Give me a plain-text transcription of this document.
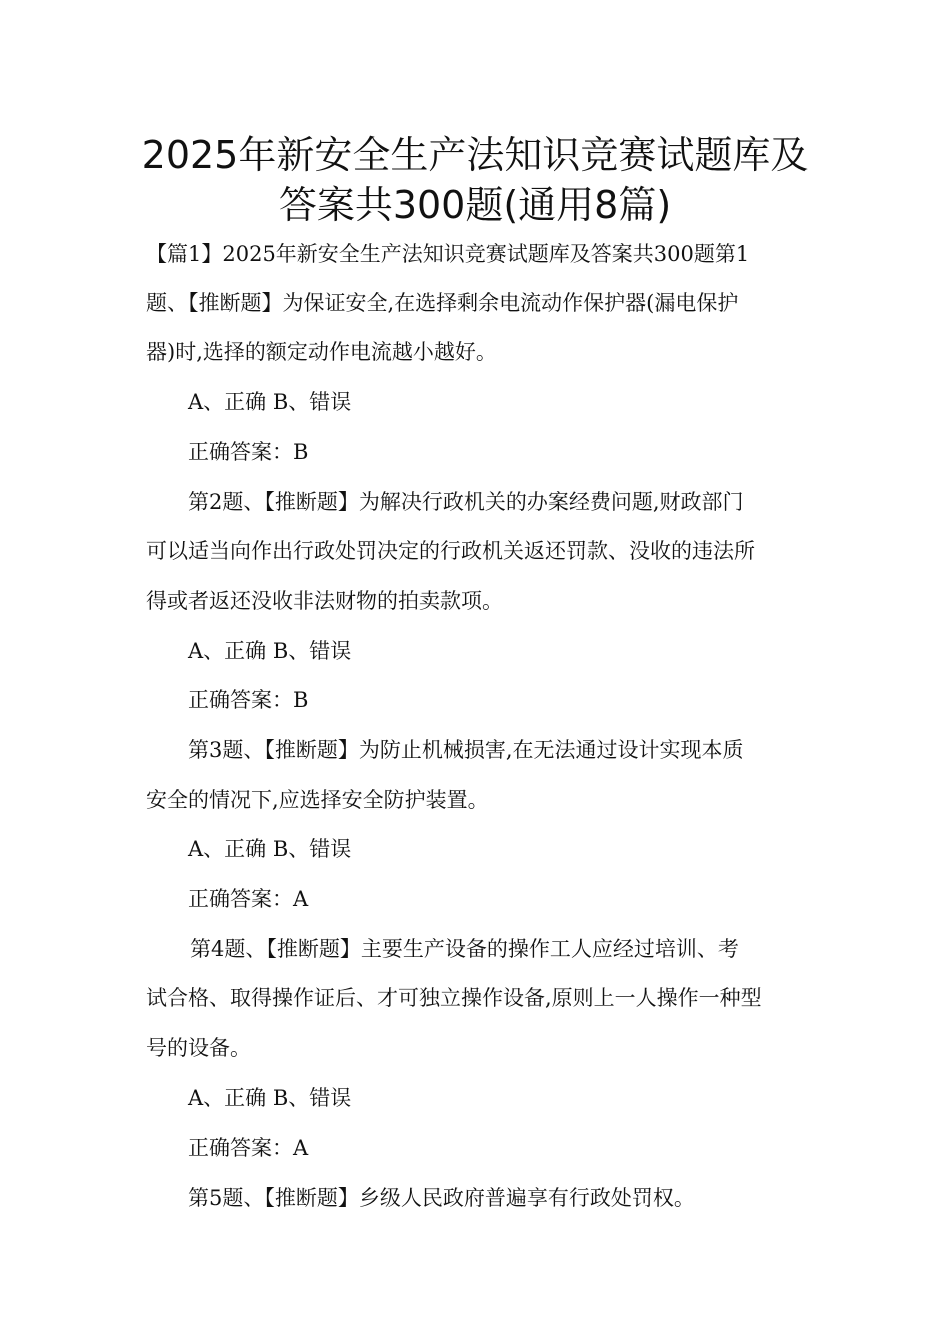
2025年新安全生产法知识竞赛试题库及
答案共300题(通用8篇)

【篇1】2025年新安全生产法知识竞赛试题库及答案共300题第1

题、【推断题】为保证安全,在选择剩余电流动作保护器(漏电保护

器)时,选择的额定动作电流越小越好。

A、正确 B、错误

正确答案：B

第2题、【推断题】为解决行政机关的办案经费问题,财政部门

可以适当向作出行政处罚决定的行政机关返还罚款、没收的违法所

得或者返还没收非法财物的拍卖款项。

A、正确 B、错误

正确答案：B

第3题、【推断题】为防止机械损害,在无法通过设计实现本质

安全的情况下,应选择安全防护装置。

A、正确 B、错误

正确答案：A

第4题、【推断题】主要生产设备的操作工人应经过培训、考

试合格、取得操作证后、才可独立操作设备,原则上一人操作一种型

号的设备。

A、正确 B、错误

正确答案：A

第5题、【推断题】乡级人民政府普遍享有行政处罚权。
